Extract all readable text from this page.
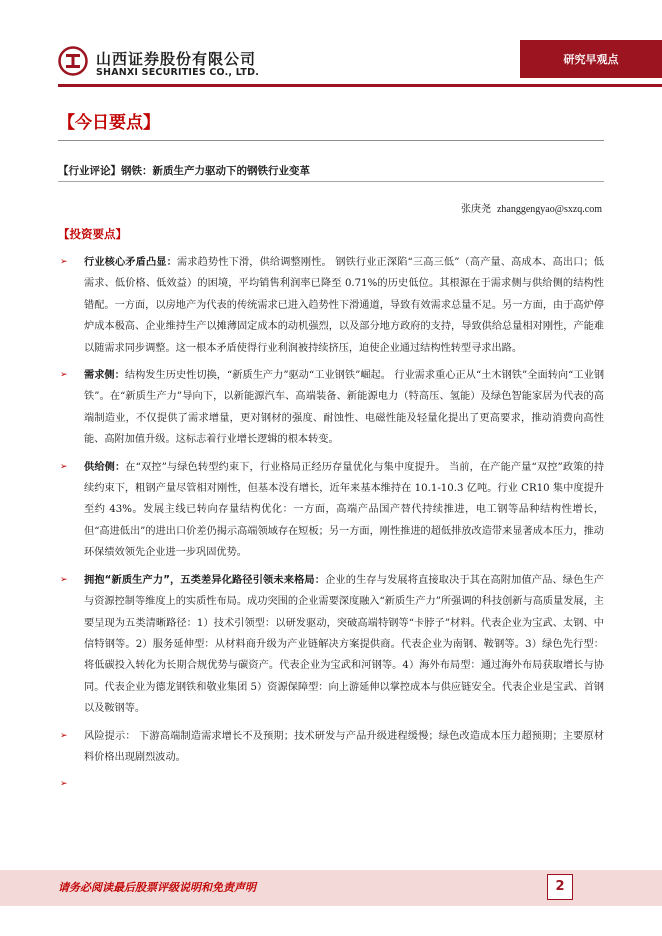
山西证券股份有限公司
SHANXI SECURITIES CO., LTD.
研究早观点
【今日要点】
【行业评论】钢铁：新质生产力驱动下的钢铁行业变革
张庚尧 zhanggengyao@sxzq.com
【投资要点】
➢ 行业核心矛盾凸显：需求趋势性下滑，供给调整刚性。 钢铁行业正深陷“三高三低”（高产量、高成本、高出口；低需求、低价格、低效益）的困境，平均销售利润率已降至 0.71%的历史低位。其根源在于需求侧与供给侧的结构性错配。一方面，以房地产为代表的传统需求已进入趋势性下滑通道，导致有效需求总量不足。另一方面，由于高炉停炉成本极高、企业维持生产以摊薄固定成本的动机强烈，以及部分地方政府的支持，导致供给总量相对刚性，产能难以随需求同步调整。这一根本矛盾使得行业利润被持续挤压，迫使企业通过结构性转型寻求出路。
➢ 需求侧：结构发生历史性切换，“新质生产力”驱动“工业钢铁”崛起。 行业需求重心正从“土木钢铁”全面转向“工业钢铁”。在“新质生产力”导向下，以新能源汽车、高端装备、新能源电力（特高压、氢能）及绿色智能家居为代表的高端制造业，不仅提供了需求增量，更对钢材的强度、耐蚀性、电磁性能及轻量化提出了更高要求，推动消费向高性能、高附加值升级。这标志着行业增长逻辑的根本转变。
➢ 供给侧：在“双控”与绿色转型约束下，行业格局正经历存量优化与集中度提升。 当前，在产能产量“双控”政策的持续约束下，粗钢产量尽管相对刚性，但基本没有增长，近年来基本维持在 10.1-10.3 亿吨。行业 CR10 集中度提升至约 43%。发展主线已转向存量结构优化：一方面，高端产品国产替代持续推进，电工钢等品种结构性增长，但“高进低出”的进出口价差仍揭示高端领域存在短板；另一方面，刚性推进的超低排放改造带来显著成本压力，推动环保绩效领先企业进一步巩固优势。
➢ 拥抱“新质生产力”，五类差异化路径引领未来格局：企业的生存与发展将直接取决于其在高附加值产品、绿色生产与资源控制等维度上的实质性布局。成功突围的企业需要深度融入“新质生产力”所强调的科技创新与高质量发展，主要呈现为五类清晰路径：1）技术引领型：以研发驱动，突破高端特钢等“卡脖子”材料。代表企业为宝武、太钢、中信特钢等。2）服务延伸型：从材料商升级为产业链解决方案提供商。代表企业为南钢、鞍钢等。3）绿色先行型：将低碳投入转化为长期合规优势与碳资产。代表企业为宝武和河钢等。4）海外布局型：通过海外布局获取增长与协同。代表企业为德龙钢铁和敬业集团 5）资源保障型：向上游延伸以掌控成本与供应链安全。代表企业是宝武、首钢以及鞍钢等。
➢ 风险提示： 下游高端制造需求增长不及预期；技术研发与产品升级进程缓慢；绿色改造成本压力超预期；主要原材料价格出现剧烈波动。
➢
请务必阅读最后股票评级说明和免责声明	2
